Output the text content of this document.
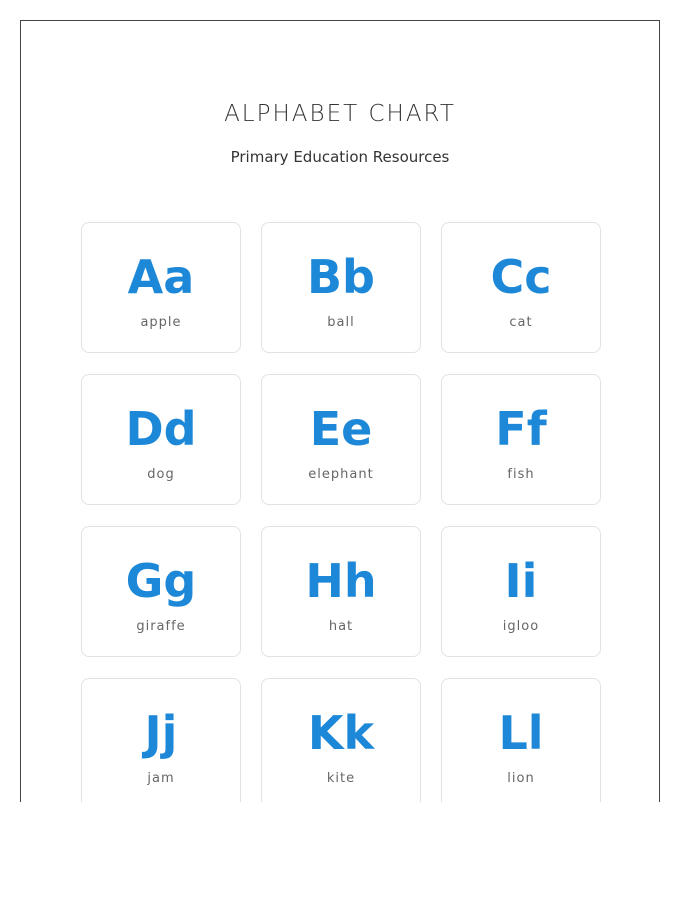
ALPHABET CHART
Primary Education Resources
Aa
apple
Bb
ball
Cc
cat
Dd
dog
Ee
elephant
Ff
fish
Gg
giraffe
Hh
hat
Ii
igloo
Jj
jam
Kk
kite
Ll
lion
